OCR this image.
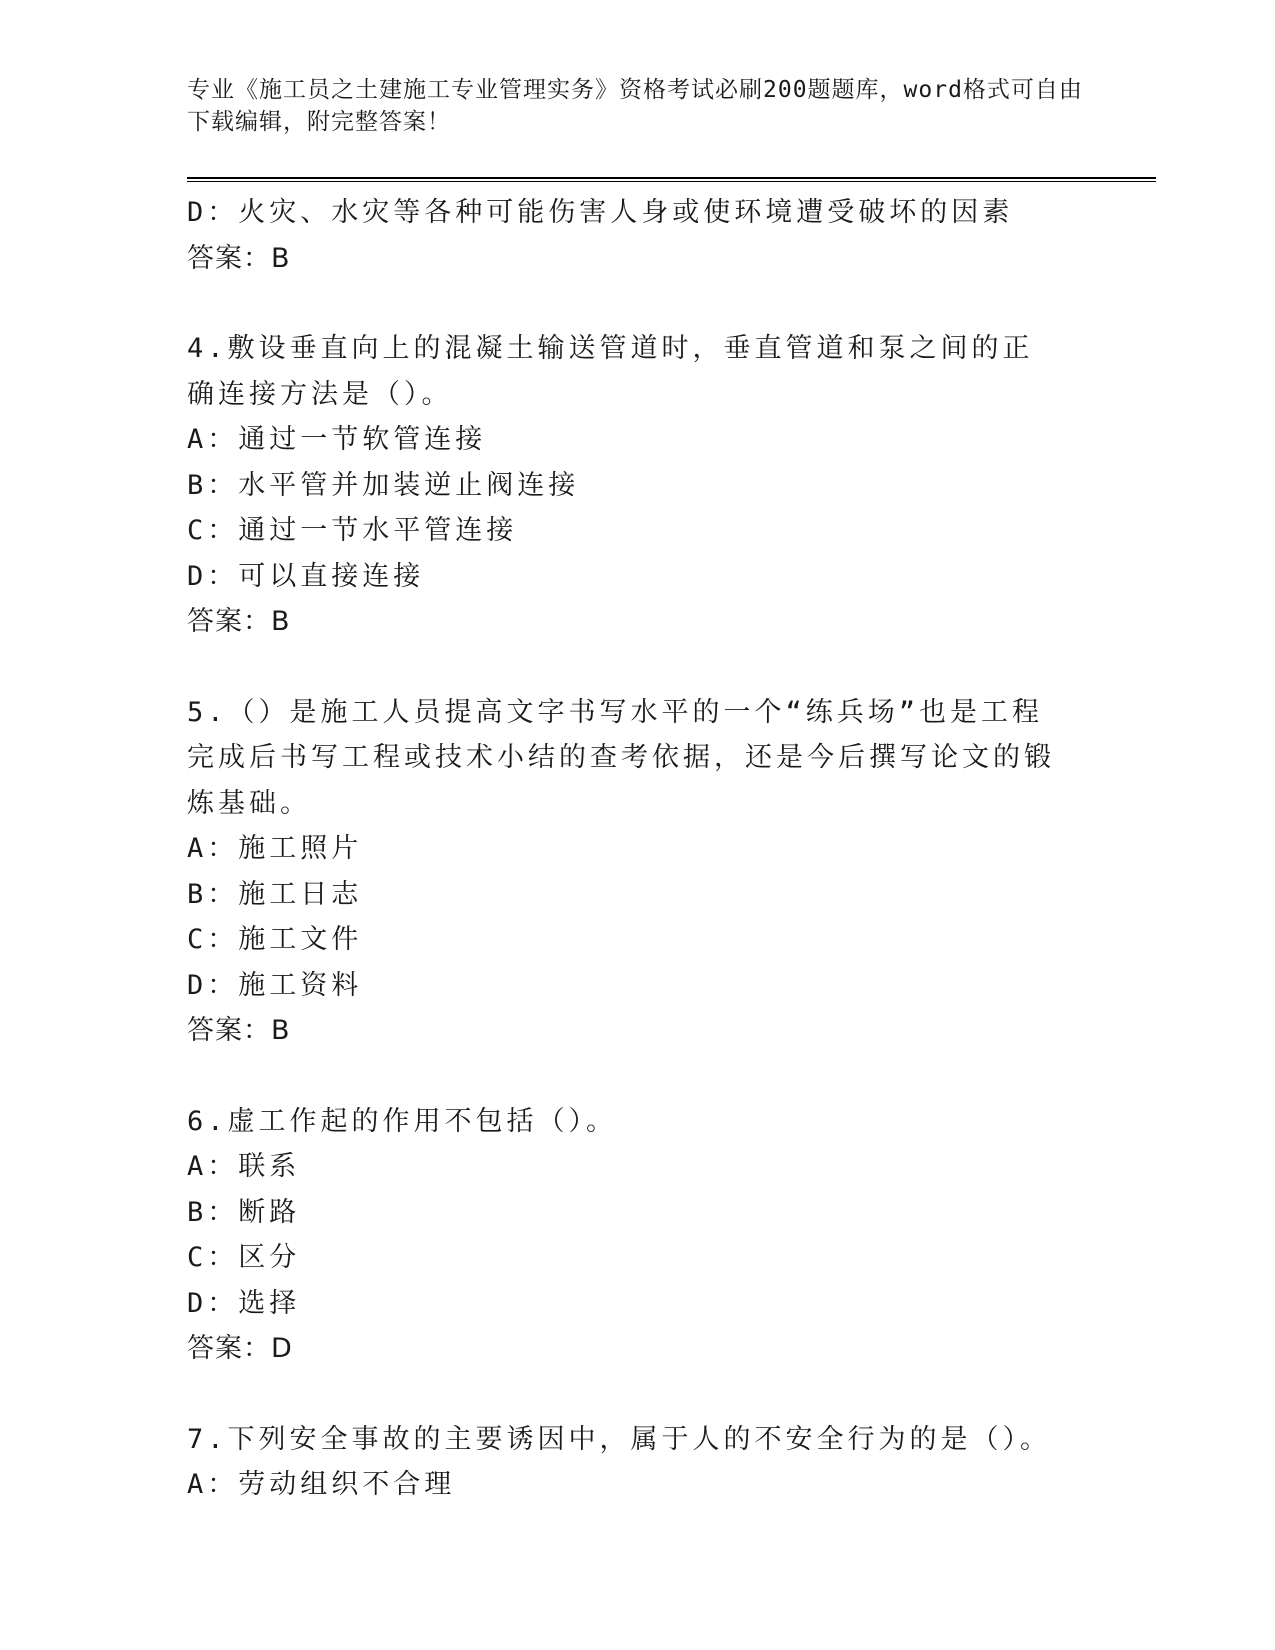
专业《施工员之土建施工专业管理实务》资格考试必刷200题题库，word格式可自由下载编辑，附完整答案！
D：火灾、水灾等各种可能伤害人身或使环境遭受破坏的因素
答案：B
4.敷设垂直向上的混凝土输送管道时，垂直管道和泵之间的正确连接方法是（）。
A：通过一节软管连接
B：水平管并加装逆止阀连接
C：通过一节水平管连接
D：可以直接连接
答案：B
5.（）是施工人员提高文字书写水平的一个“练兵场”也是工程完成后书写工程或技术小结的查考依据，还是今后撰写论文的锻炼基础。
A：施工照片
B：施工日志
C：施工文件
D：施工资料
答案：B
6.虚工作起的作用不包括（）。
A：联系
B：断路
C：区分
D：选择
答案：D
7.下列安全事故的主要诱因中，属于人的不安全行为的是（）。
A：劳动组织不合理
